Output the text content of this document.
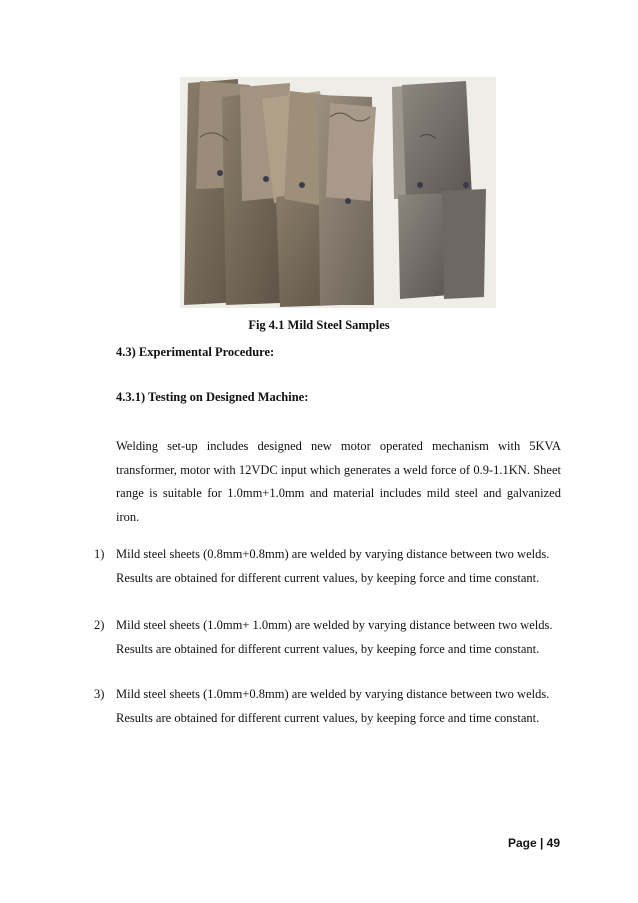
Fig 4.1 Mild Steel Samples
4.3) Experimental Procedure:
4.3.1) Testing on Designed Machine:
Welding set-up includes designed new motor operated mechanism with 5KVA transformer, motor with 12VDC input which generates a weld force of 0.9-1.1KN. Sheet range is suitable for 1.0mm+1.0mm and material includes mild steel and galvanized iron.
1) Mild steel sheets (0.8mm+0.8mm) are welded by varying distance between two welds.
Results are obtained for different current values, by keeping force and time constant.
2) Mild steel sheets (1.0mm+ 1.0mm) are welded by varying distance between two welds.
Results are obtained for different current values, by keeping force and time constant.
3) Mild steel sheets (1.0mm+0.8mm) are welded by varying distance between two welds.
Results are obtained for different current values, by keeping force and time constant.
Page | 49
